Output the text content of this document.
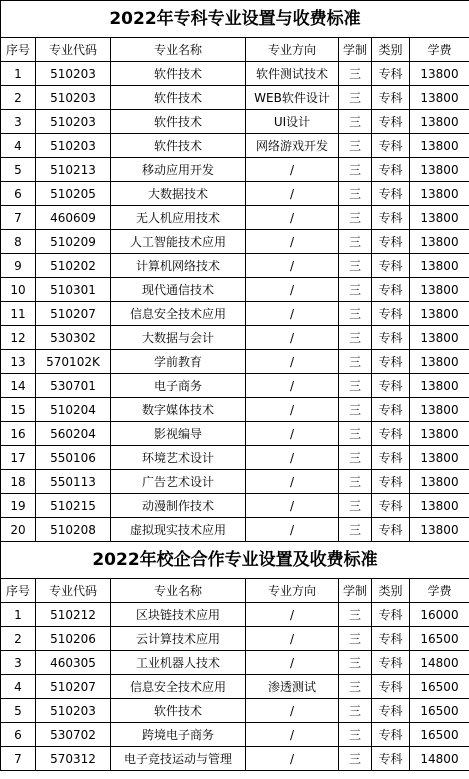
2022年专科专业设置与收费标准						
序号	专业代码	专业名称	专业方向	学制	类别	学费
1	510203	软件技术	软件测试技术	三	专科	13800
2	510203	软件技术	WEB软件设计	三	专科	13800
3	510203	软件技术	UI设计	三	专科	13800
4	510203	软件技术	网络游戏开发	三	专科	13800
5	510213	移动应用开发	/	三	专科	13800
6	510205	大数据技术	/	三	专科	13800
7	460609	无人机应用技术	/	三	专科	13800
8	510209	人工智能技术应用	/	三	专科	13800
9	510202	计算机网络技术	/	三	专科	13800
10	510301	现代通信技术	/	三	专科	13800
11	510207	信息安全技术应用	/	三	专科	13800
12	530302	大数据与会计	/	三	专科	13800
13	570102K	学前教育	/	三	专科	13800
14	530701	电子商务	/	三	专科	13800
15	510204	数字媒体技术	/	三	专科	13800
16	560204	影视编导	/	三	专科	13800
17	550106	环境艺术设计	/	三	专科	13800
18	550113	广告艺术设计	/	三	专科	13800
19	510215	动漫制作技术	/	三	专科	13800
20	510208	虚拟现实技术应用	/	三	专科	13800
2022年校企合作专业设置及收费标准						
序号	专业代码	专业名称	专业方向	学制	类别	学费
1	510212	区块链技术应用	/	三	专科	16000
2	510206	云计算技术应用	/	三	专科	16500
3	460305	工业机器人技术	/	三	专科	14800
4	510207	信息安全技术应用	渗透测试	三	专科	16500
5	510203	软件技术	/	三	专科	16500
6	530702	跨境电子商务	/	三	专科	16500
7	570312	电子竞技运动与管理	/	三	专科	14800
